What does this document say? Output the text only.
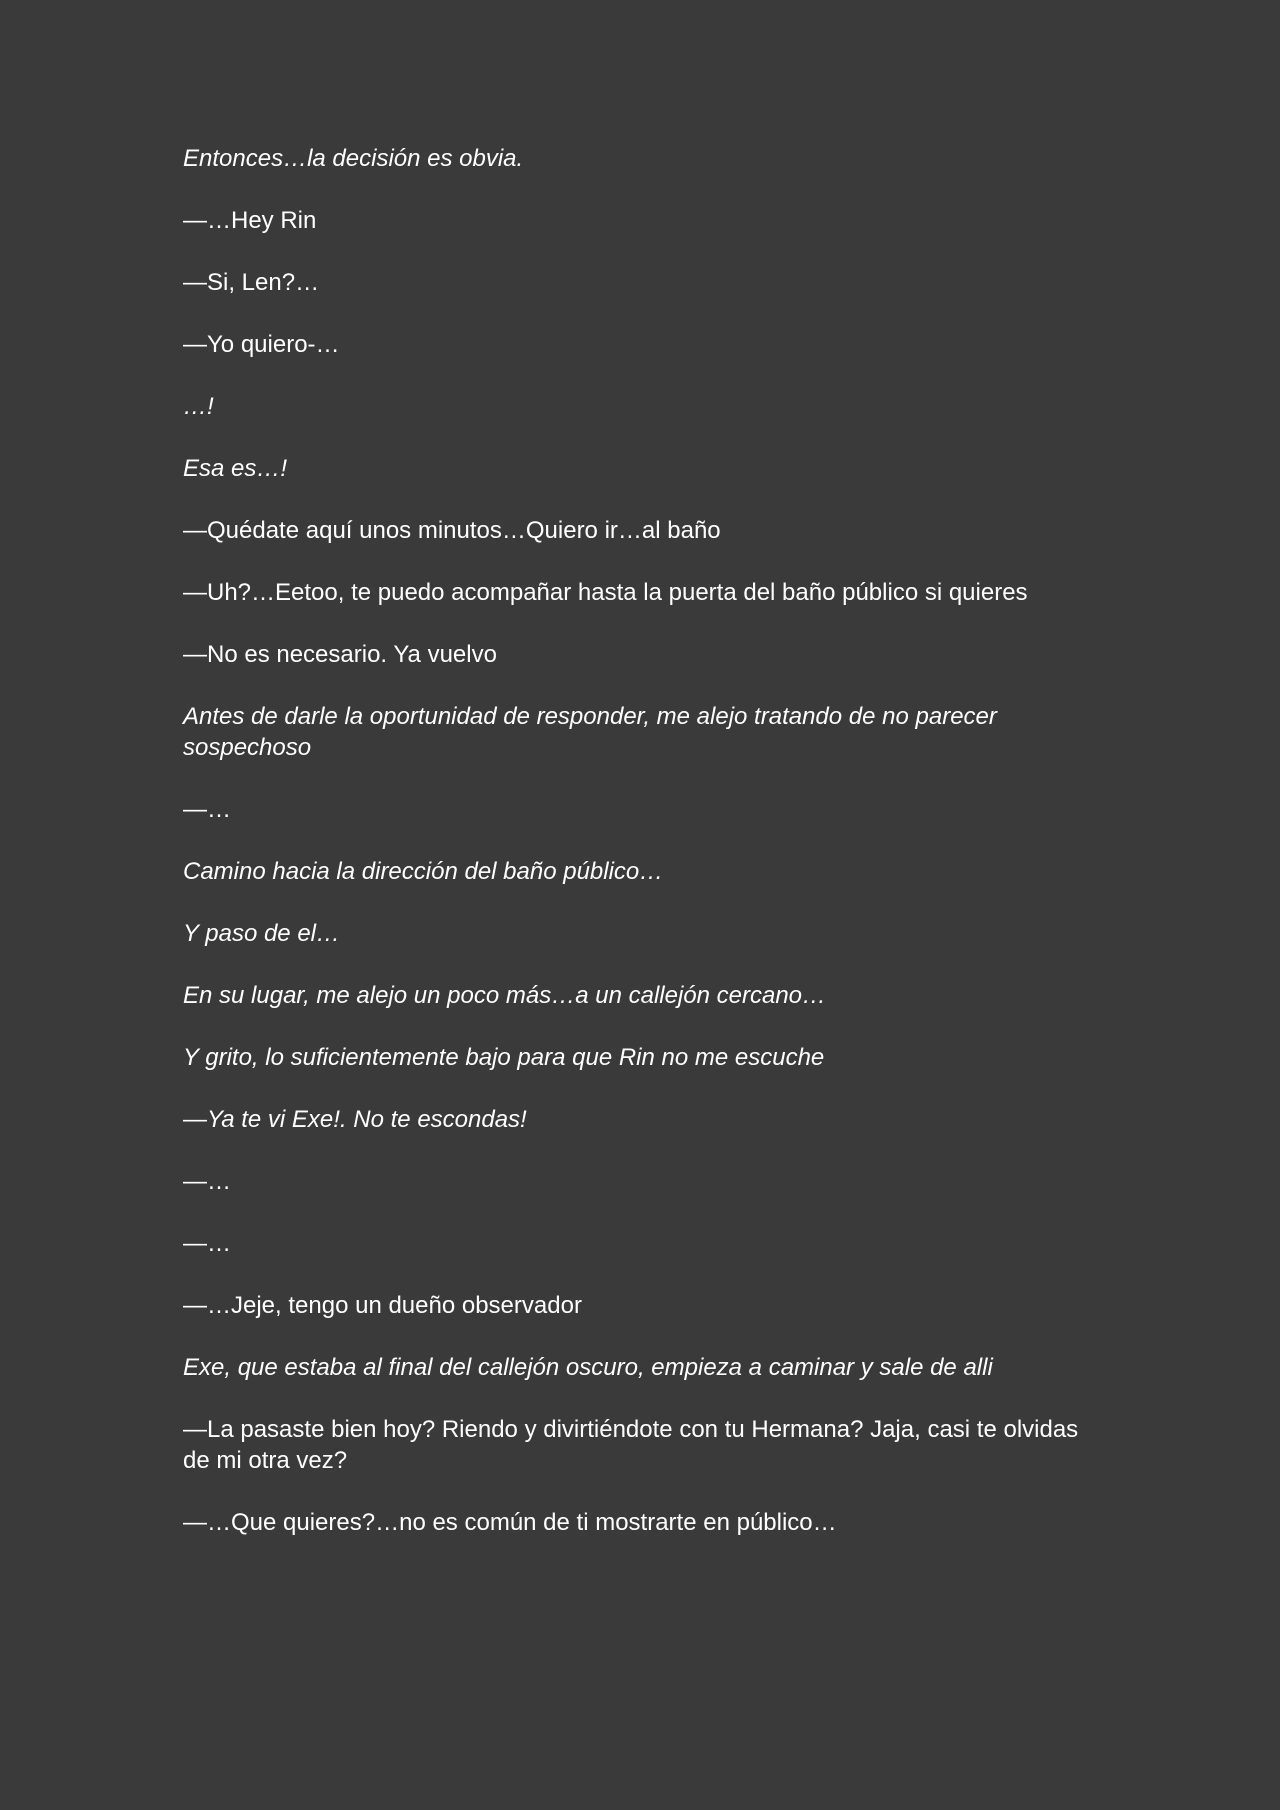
Entonces…la decisión es obvia.

—…Hey Rin

—Si, Len?…

—Yo quiero-…

…!

Esa es…!

—Quédate aquí unos minutos…Quiero ir…al baño

—Uh?…Eetoo, te puedo acompañar hasta la puerta del baño público si quieres

—No es necesario. Ya vuelvo

Antes de darle la oportunidad de responder, me alejo tratando de no parecer sospechoso

—…

Camino hacia la dirección del baño público…

Y paso de el…

En su lugar, me alejo un poco más…a un callejón cercano…

Y grito, lo suficientemente bajo para que Rin no me escuche

—Ya te vi Exe!. No te escondas!

—…

—…

—…Jeje, tengo un dueño observador

Exe, que estaba al final del callejón oscuro, empieza a caminar y sale de alli

—La pasaste bien hoy? Riendo y divirtiéndote con tu Hermana? Jaja, casi te olvidas de mi otra vez?

—…Que quieres?…no es común de ti mostrarte en público…
